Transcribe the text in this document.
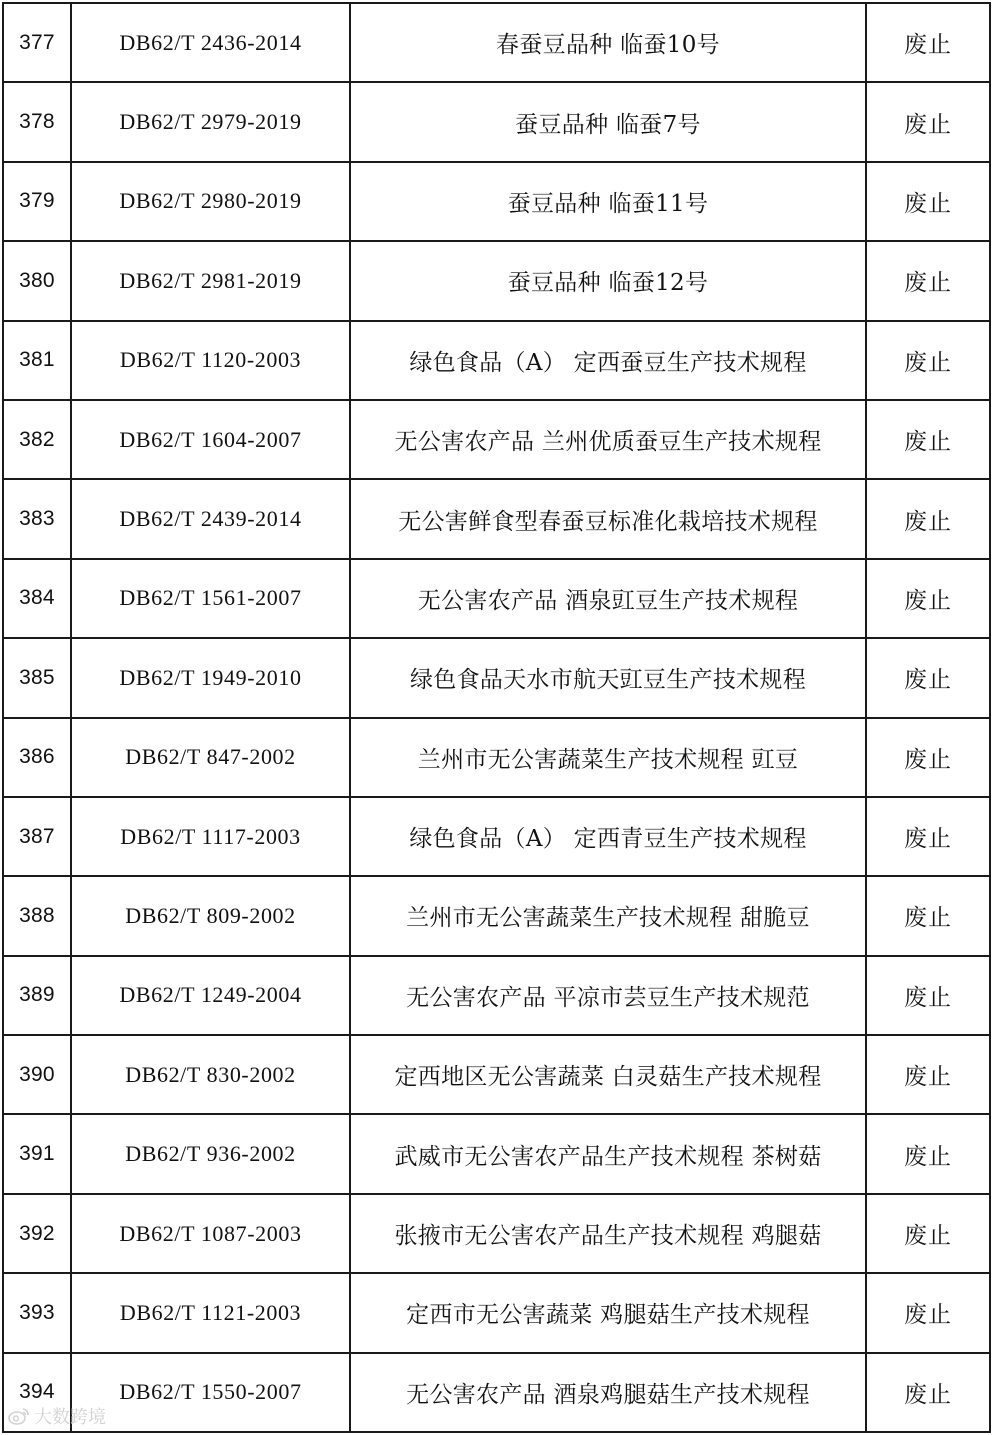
377	DB62/T 2436-2014	春蚕豆品种 临蚕10号	废止
378	DB62/T 2979-2019	蚕豆品种 临蚕7号	废止
379	DB62/T 2980-2019	蚕豆品种 临蚕11号	废止
380	DB62/T 2981-2019	蚕豆品种 临蚕12号	废止
381	DB62/T 1120-2003	绿色食品（A） 定西蚕豆生产技术规程	废止
382	DB62/T 1604-2007	无公害农产品 兰州优质蚕豆生产技术规程	废止
383	DB62/T 2439-2014	无公害鲜食型春蚕豆标准化栽培技术规程	废止
384	DB62/T 1561-2007	无公害农产品 酒泉豇豆生产技术规程	废止
385	DB62/T 1949-2010	绿色食品天水市航天豇豆生产技术规程	废止
386	DB62/T 847-2002	兰州市无公害蔬菜生产技术规程 豇豆	废止
387	DB62/T 1117-2003	绿色食品（A） 定西青豆生产技术规程	废止
388	DB62/T 809-2002	兰州市无公害蔬菜生产技术规程 甜脆豆	废止
389	DB62/T 1249-2004	无公害农产品 平凉市芸豆生产技术规范	废止
390	DB62/T 830-2002	定西地区无公害蔬菜 白灵菇生产技术规程	废止
391	DB62/T 936-2002	武威市无公害农产品生产技术规程 茶树菇	废止
392	DB62/T 1087-2003	张掖市无公害农产品生产技术规程 鸡腿菇	废止
393	DB62/T 1121-2003	定西市无公害蔬菜 鸡腿菇生产技术规程	废止
394	DB62/T 1550-2007	无公害农产品 酒泉鸡腿菇生产技术规程	废止
大数跨境
